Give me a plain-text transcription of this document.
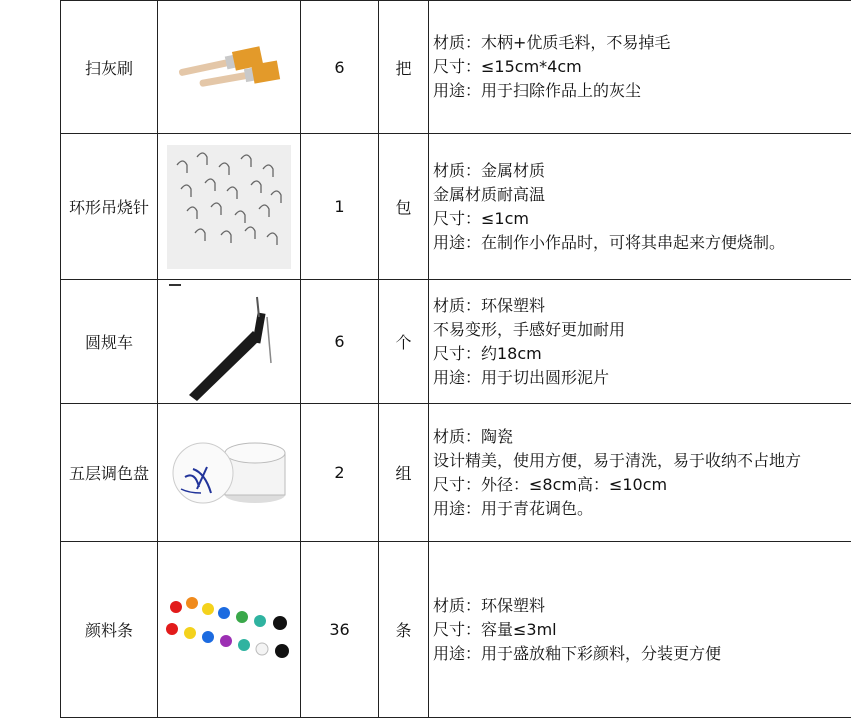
扫灰刷		6	把	材质：木柄+优质毛料，不易掉毛
尺寸：≤15cm*4cm
用途：用于扫除作品上的灰尘

环形吊烧针		1	包	材质：金属材质
金属材质耐高温
尺寸：≤1cm
用途：在制作小作品时，可将其串起来方便烧制。

圆规车		6	个	材质：环保塑料
不易变形，手感好更加耐用
尺寸：约18cm
用途：用于切出圆形泥片

五层调色盘		2	组	材质：陶瓷
设计精美，使用方便，易于清洗，易于收纳不占地方
尺寸：外径：≤8cm高：≤10cm
用途：用于青花调色。

颜料条		36	条	材质：环保塑料
尺寸：容量≤3ml
用途：用于盛放釉下彩颜料，分装更方便
